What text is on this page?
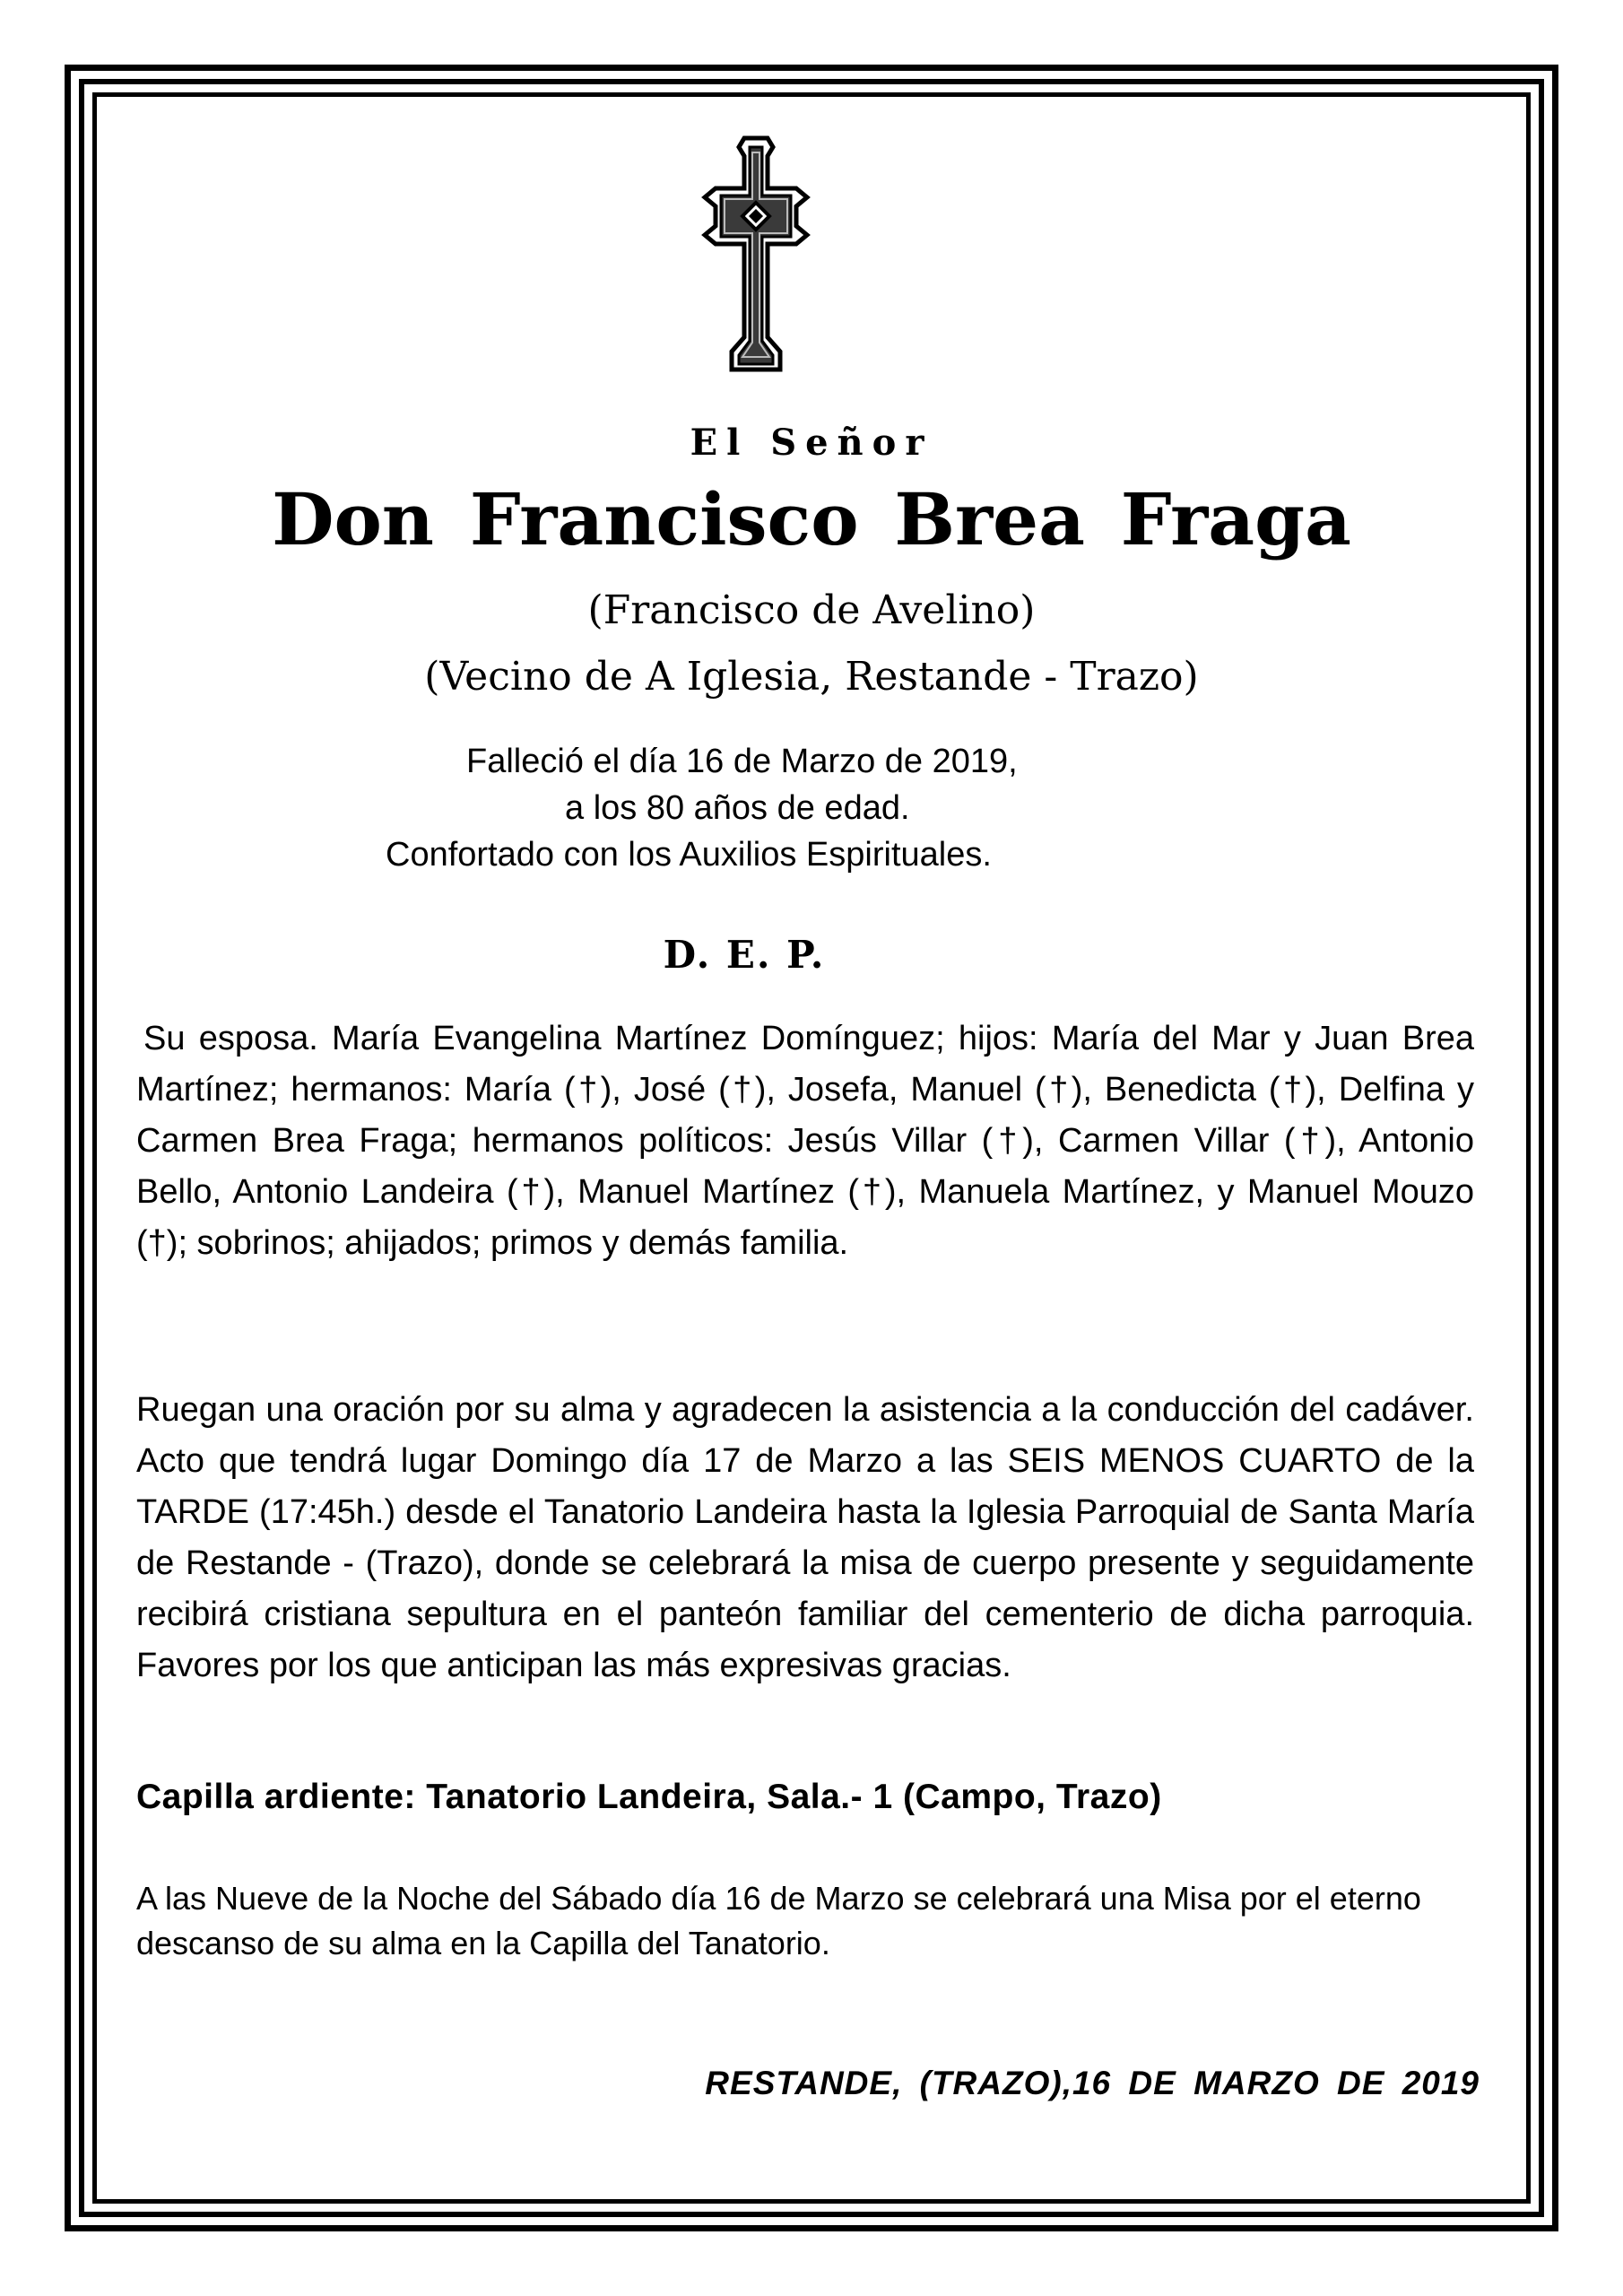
El Señor
Don Francisco Brea Fraga
(Francisco de Avelino)
(Vecino de A Iglesia, Restande - Trazo)
Falleció el día 16 de Marzo de 2019,
a los 80 años de edad.
Confortado con los Auxilios Espirituales.
D. E. P.

Su esposa. María Evangelina Martínez Domínguez; hijos: María del Mar y Juan Brea Martínez; hermanos: María (†), José (†), Josefa, Manuel (†), Benedicta (†), Delfina y Carmen Brea Fraga; hermanos políticos: Jesús Villar (†), Carmen Villar (†), Antonio Bello, Antonio Landeira (†), Manuel Martínez (†), Manuela Martínez, y Manuel Mouzo (†); sobrinos; ahijados; primos y demás familia.

Ruegan una oración por su alma y agradecen la asistencia a la conducción del cadáver. Acto que tendrá lugar Domingo día 17 de Marzo a las SEIS MENOS CUARTO de la TARDE (17:45h.) desde el Tanatorio Landeira hasta la Iglesia Parroquial de Santa María de Restande - (Trazo), donde se celebrará la misa de cuerpo presente y seguidamente recibirá cristiana sepultura en el panteón familiar del cementerio de dicha parroquia. Favores por los que anticipan las más expresivas gracias.

Capilla ardiente: Tanatorio Landeira, Sala.- 1 (Campo, Trazo)

A las Nueve de la Noche del Sábado día 16 de Marzo se celebrará una Misa por el eterno descanso de su alma en la Capilla del Tanatorio.

RESTANDE, (TRAZO),16 DE MARZO DE 2019
